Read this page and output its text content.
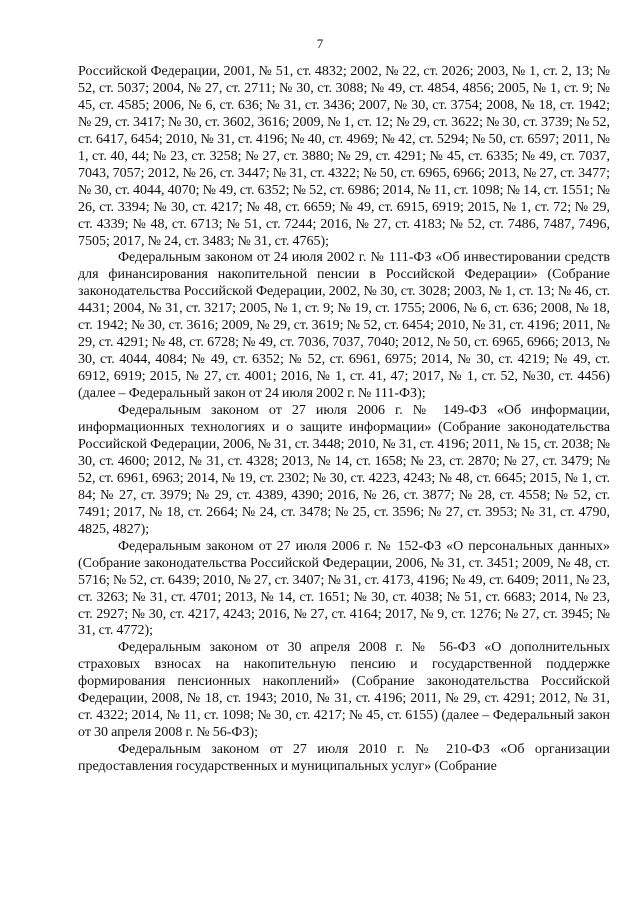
7

Российской Федерации, 2001, № 51, ст. 4832; 2002, № 22, ст. 2026; 2003, № 1, ст. 2, 13; № 52, ст. 5037; 2004, № 27, ст. 2711; № 30, ст. 3088; № 49, ст. 4854, 4856; 2005, № 1, ст. 9; № 45, ст. 4585; 2006, № 6, ст. 636; № 31, ст. 3436; 2007, № 30, ст. 3754; 2008, № 18, ст. 1942; № 29, ст. 3417; № 30, ст. 3602, 3616; 2009, № 1, ст. 12; № 29, ст. 3622; № 30, ст. 3739; № 52, ст. 6417, 6454; 2010, № 31, ст. 4196; № 40, ст. 4969; № 42, ст. 5294; № 50, ст. 6597; 2011, № 1, ст. 40, 44; № 23, ст. 3258; № 27, ст. 3880; № 29, ст. 4291; № 45, ст. 6335; № 49, ст. 7037, 7043, 7057; 2012, № 26, ст. 3447; № 31, ст. 4322; № 50, ст. 6965, 6966; 2013, № 27, ст. 3477; № 30, ст. 4044, 4070; № 49, ст. 6352; № 52, ст. 6986; 2014, № 11, ст. 1098; № 14, ст. 1551; № 26, ст. 3394; № 30, ст. 4217; № 48, ст. 6659; № 49, ст. 6915, 6919; 2015, № 1, ст. 72; № 29, ст. 4339; № 48, ст. 6713; № 51, ст. 7244; 2016, № 27, ст. 4183; № 52, ст. 7486, 7487, 7496, 7505; 2017, № 24, ст. 3483; № 31, ст. 4765);

Федеральным законом от 24 июля 2002 г. № 111-ФЗ «Об инвестировании средств для финансирования накопительной пенсии в Российской Федерации» (Собрание законодательства Российской Федерации, 2002, № 30, ст. 3028; 2003, № 1, ст. 13; № 46, ст. 4431; 2004, № 31, ст. 3217; 2005, № 1, ст. 9; № 19, ст. 1755; 2006, № 6, ст. 636; 2008, № 18, ст. 1942; № 30, ст. 3616; 2009, № 29, ст. 3619; № 52, ст. 6454; 2010, № 31, ст. 4196; 2011, № 29, ст. 4291; № 48, ст. 6728; № 49, ст. 7036, 7037, 7040; 2012, № 50, ст. 6965, 6966; 2013, № 30, ст. 4044, 4084; № 49, ст. 6352; № 52, ст. 6961, 6975; 2014, № 30, ст. 4219; № 49, ст. 6912, 6919; 2015, № 27, ст. 4001; 2016, № 1, ст. 41, 47; 2017, № 1, ст. 52, №30, ст. 4456) (далее – Федеральный закон от 24 июля 2002 г. № 111-ФЗ);

Федеральным законом от 27 июля 2006 г. № 149-ФЗ «Об информации, информационных технологиях и о защите информации» (Собрание законодательства Российской Федерации, 2006, № 31, ст. 3448; 2010, № 31, ст. 4196; 2011, № 15, ст. 2038; № 30, ст. 4600; 2012, № 31, ст. 4328; 2013, № 14, ст. 1658; № 23, ст. 2870; № 27, ст. 3479; № 52, ст. 6961, 6963; 2014, № 19, ст. 2302; № 30, ст. 4223, 4243; № 48, ст. 6645; 2015, № 1, ст. 84; № 27, ст. 3979; № 29, ст. 4389, 4390; 2016, № 26, ст. 3877; № 28, ст. 4558; № 52, ст. 7491; 2017, № 18, ст. 2664; № 24, ст. 3478; № 25, ст. 3596; № 27, ст. 3953; № 31, ст. 4790, 4825, 4827);

Федеральным законом от 27 июля 2006 г. № 152-ФЗ «О персональных данных» (Собрание законодательства Российской Федерации, 2006, № 31, ст. 3451; 2009, № 48, ст. 5716; № 52, ст. 6439; 2010, № 27, ст. 3407; № 31, ст. 4173, 4196; № 49, ст. 6409; 2011, № 23, ст. 3263; № 31, ст. 4701; 2013, № 14, ст. 1651; № 30, ст. 4038; № 51, ст. 6683; 2014, № 23, ст. 2927; № 30, ст. 4217, 4243; 2016, № 27, ст. 4164; 2017, № 9, ст. 1276; № 27, ст. 3945; № 31, ст. 4772);

Федеральным законом от 30 апреля 2008 г. № 56-ФЗ «О дополнительных страховых взносах на накопительную пенсию и государственной поддержке формирования пенсионных накоплений» (Собрание законодательства Российской Федерации, 2008, № 18, ст. 1943; 2010, № 31, ст. 4196; 2011, № 29, ст. 4291; 2012, № 31, ст. 4322; 2014, № 11, ст. 1098; № 30, ст. 4217; № 45, ст. 6155) (далее – Федеральный закон от 30 апреля 2008 г. № 56-ФЗ);

Федеральным законом от 27 июля 2010 г. № 210-ФЗ «Об организации предоставления государственных и муниципальных услуг» (Собрание
